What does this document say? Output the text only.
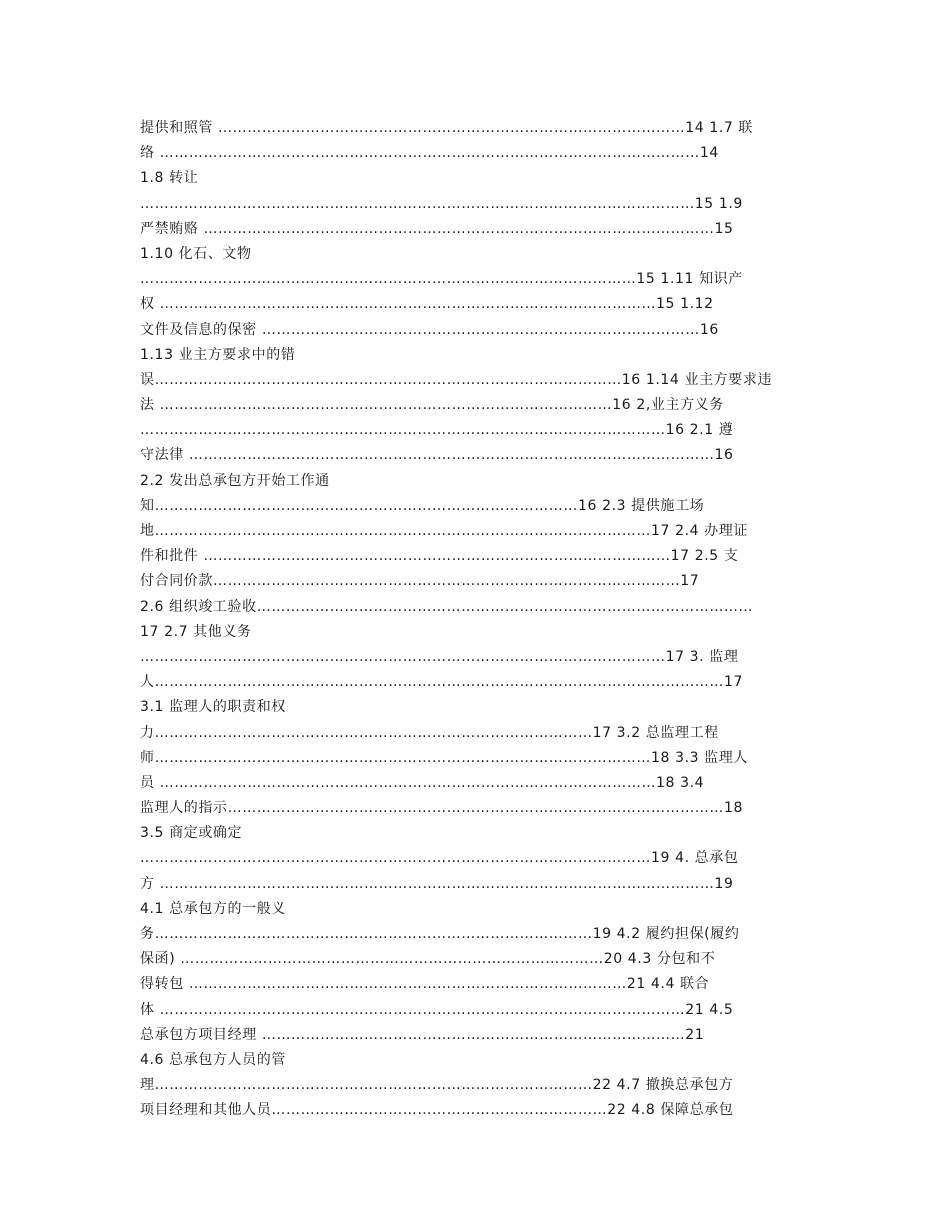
提供和照管 ……………………………………………………………………………………14 1.7 联
络 …………………………………………………………………………………………………14
1.8 转让
……………………………………………………………………………………………………15 1.9
严禁贿赂 ……………………………………………………………………………………………15
1.10 化石、文物
…………………………………………………………………………………………15 1.11 知识产
权 …………………………………………………………………………………………15 1.12
文件及信息的保密 ………………………………………………………………………………16
1.13 业主方要求中的错
误……………………………………………………………………………………16 1.14 业主方要求违
法 …………………………………………………………………………………16 2,业主方义务
………………………………………………………………………………………………16 2.1 遵
守法律 ………………………………………………………………………………………………16
2.2 发出总承包方开始工作通
知……………………………………………………………………………16 2.3 提供施工场
地…………………………………………………………………………………………17 2.4 办理证
件和批件 ……………………………………………………………………………………17 2.5 支
付合同价款……………………………………………………………………………………17
2.6 组织竣工验收…………………………………………………………………………………………
17 2.7 其他义务
………………………………………………………………………………………………17 3. 监理
人………………………………………………………………………………………………………17
3.1 监理人的职责和权
力………………………………………………………………………………17 3.2 总监理工程
师…………………………………………………………………………………………18 3.3 监理人
员 …………………………………………………………………………………………18 3.4
监理人的指示…………………………………………………………………………………………18
3.5 商定或确定
……………………………………………………………………………………………19 4. 总承包
方 ……………………………………………………………………………………………………19
4.1 总承包方的一般义
务………………………………………………………………………………19 4.2 履约担保(履约
保函) ……………………………………………………………………………20 4.3 分包和不
得转包 ………………………………………………………………………………21 4.4 联合
体 ………………………………………………………………………………………………21 4.5
总承包方项目经理 ……………………………………………………………………………21
4.6 总承包方人员的管
理………………………………………………………………………………22 4.7 撤换总承包方
项目经理和其他人员……………………………………………………………22 4.8 保障总承包
